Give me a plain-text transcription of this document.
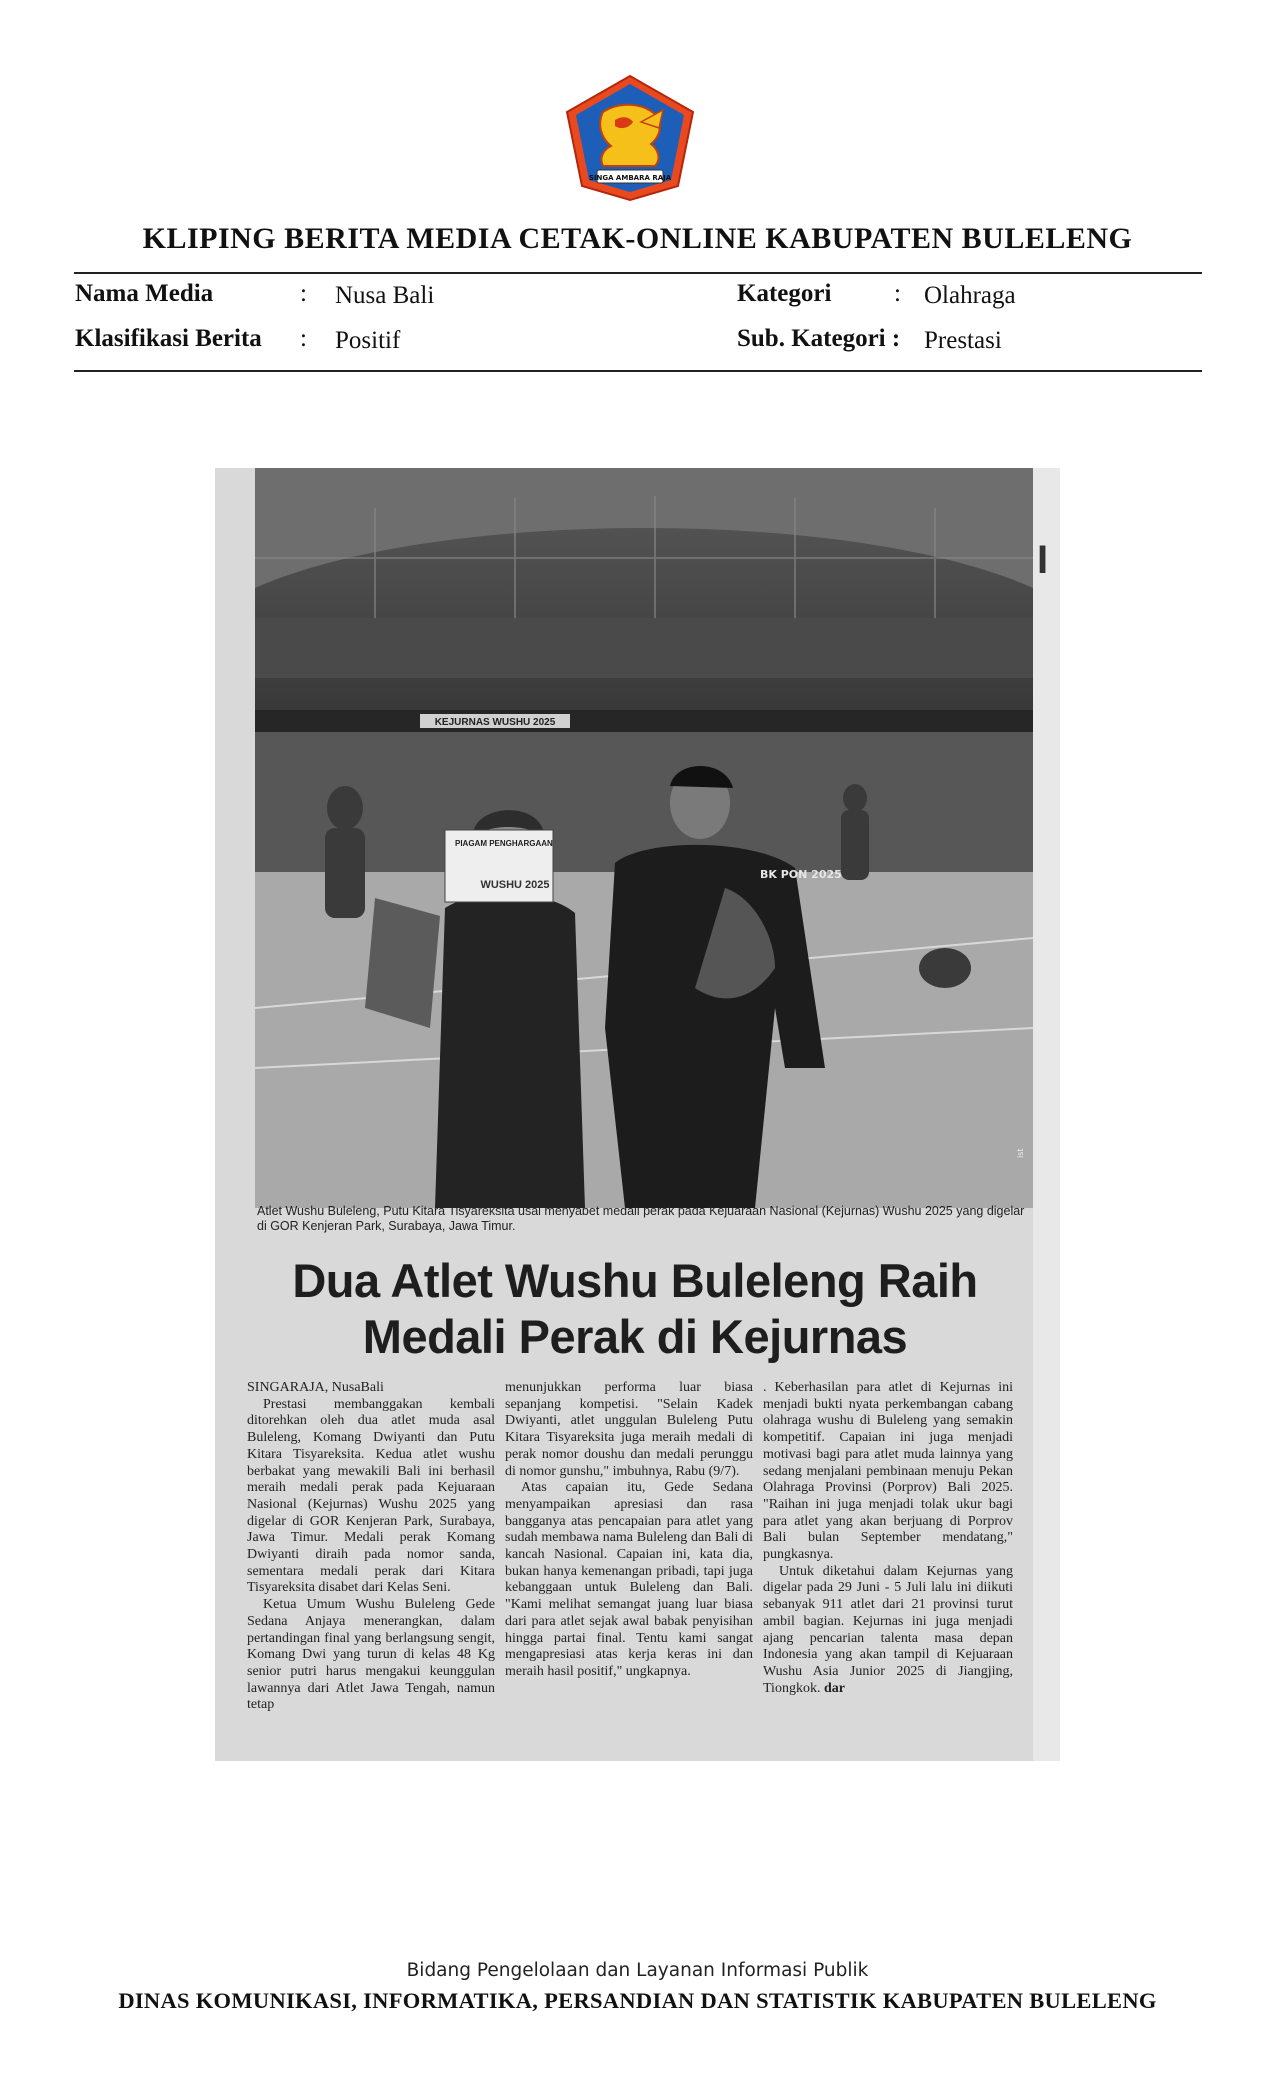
SINGA AMBARA RAJA
KLIPING BERITA MEDIA CETAK-ONLINE KABUPATEN BULELENG
Nama Media	: Nusa Bali
Klasifikasi Berita : Positif
Kategori	: Olahraga
Sub. Kategori : Prestasi
KEJURNAS WUSHU 2025
BK PON 2025
PIAGAM PENGHARGAAN
WUSHU 2025
ist
I
Atlet Wushu Buleleng, Putu Kitara Tisyareksita usai menyabet medali perak pada Kejuaraan Nasional (Kejurnas) Wushu 2025 yang digelar di GOR Kenjeran Park, Surabaya, Jawa Timur.
Dua Atlet Wushu Buleleng Raih
Medali Perak di Kejurnas

SINGARAJA, NusaBali

Prestasi membanggakan kembali ditorehkan oleh dua atlet muda asal Buleleng, Komang Dwiyanti dan Putu Kitara Tisyareksita. Kedua atlet wushu berbakat yang mewakili Bali ini berhasil meraih medali perak pada Kejuaraan Nasional (Kejurnas) Wushu 2025 yang digelar di GOR Kenjeran Park, Surabaya, Jawa Timur. Medali perak Komang Dwiyanti diraih pada nomor sanda, sementara medali perak dari Kitara Tisyareksita disabet dari Kelas Seni.

Ketua Umum Wushu Buleleng Gede Sedana Anjaya menerangkan, dalam pertandingan final yang berlangsung sengit, Komang Dwi yang turun di kelas 48 Kg senior putri harus mengakui keunggulan lawannya dari Atlet Jawa Tengah, namun tetap

menunjukkan performa luar biasa sepanjang kompetisi. "Selain Kadek Dwiyanti, atlet unggulan Buleleng Putu Kitara Tisyareksita juga meraih medali di perak nomor doushu dan medali perunggu di nomor gunshu," imbuhnya, Rabu (9/7).

Atas capaian itu, Gede Sedana menyampaikan apresiasi dan rasa bangganya atas pencapaian para atlet yang sudah membawa nama Buleleng dan Bali di kancah Nasional. Capaian ini, kata dia, bukan hanya kemenangan pribadi, tapi juga kebanggaan untuk Buleleng dan Bali. "Kami melihat semangat juang luar biasa dari para atlet sejak awal babak penyisihan hingga partai final. Tentu kami sangat mengapresiasi atas kerja keras ini dan meraih hasil positif," ungkapnya.

. Keberhasilan para atlet di Kejurnas ini menjadi bukti nyata perkembangan cabang olahraga wushu di Buleleng yang semakin kompetitif. Capaian ini juga menjadi motivasi bagi para atlet muda lainnya yang sedang menjalani pembinaan menuju Pekan Olahraga Provinsi (Porprov) Bali 2025. "Raihan ini juga menjadi tolak ukur bagi para atlet yang akan berjuang di Porprov Bali bulan September mendatang," pungkasnya.

Untuk diketahui dalam Kejurnas yang digelar pada 29 Juni - 5 Juli lalu ini diikuti sebanyak 911 atlet dari 21 provinsi turut ambil bagian. Kejurnas ini juga menjadi ajang pencarian talenta masa depan Indonesia yang akan tampil di Kejuaraan Wushu Asia Junior 2025 di Jiangjing, Tiongkok. dar

Bidang Pengelolaan dan Layanan Informasi Publik
DINAS KOMUNIKASI, INFORMATIKA, PERSANDIAN DAN STATISTIK KABUPATEN BULELENG
